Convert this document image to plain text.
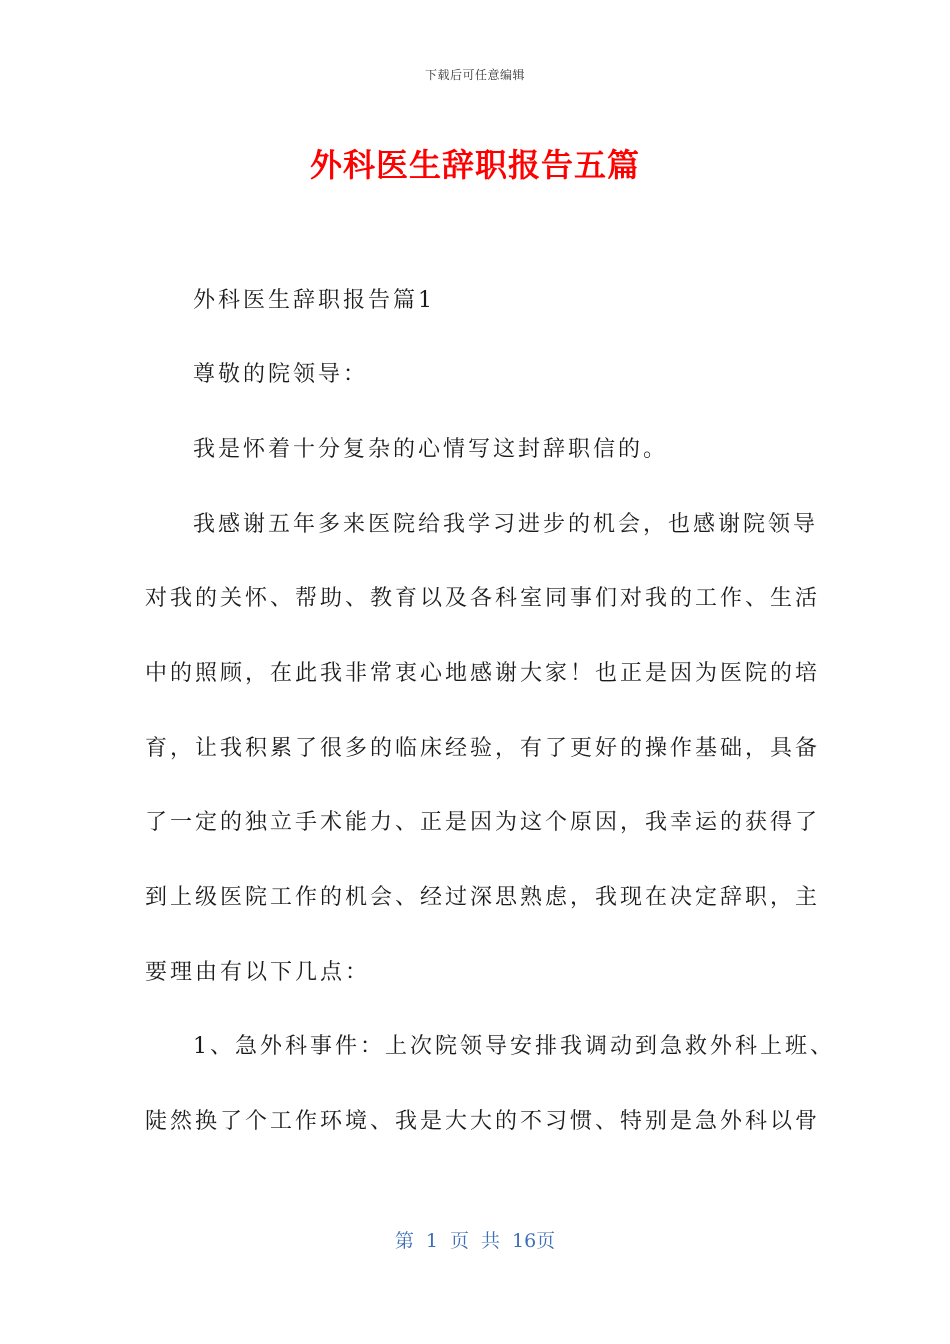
下载后可任意编辑
外科医生辞职报告五篇
外科医生辞职报告篇1
尊敬的院领导：
我是怀着十分复杂的心情写这封辞职信的。
我感谢五年多来医院给我学习进步的机会，也感谢院领导
对我的关怀、帮助、教育以及各科室同事们对我的工作、生活
中的照顾，在此我非常衷心地感谢大家！也正是因为医院的培
育，让我积累了很多的临床经验，有了更好的操作基础，具备
了一定的独立手术能力、正是因为这个原因，我幸运的获得了
到上级医院工作的机会、经过深思熟虑，我现在决定辞职，主
要理由有以下几点：
1、急外科事件：上次院领导安排我调动到急救外科上班、
陡然换了个工作环境、我是大大的不习惯、特别是急外科以骨
第 1 页 共 16页
